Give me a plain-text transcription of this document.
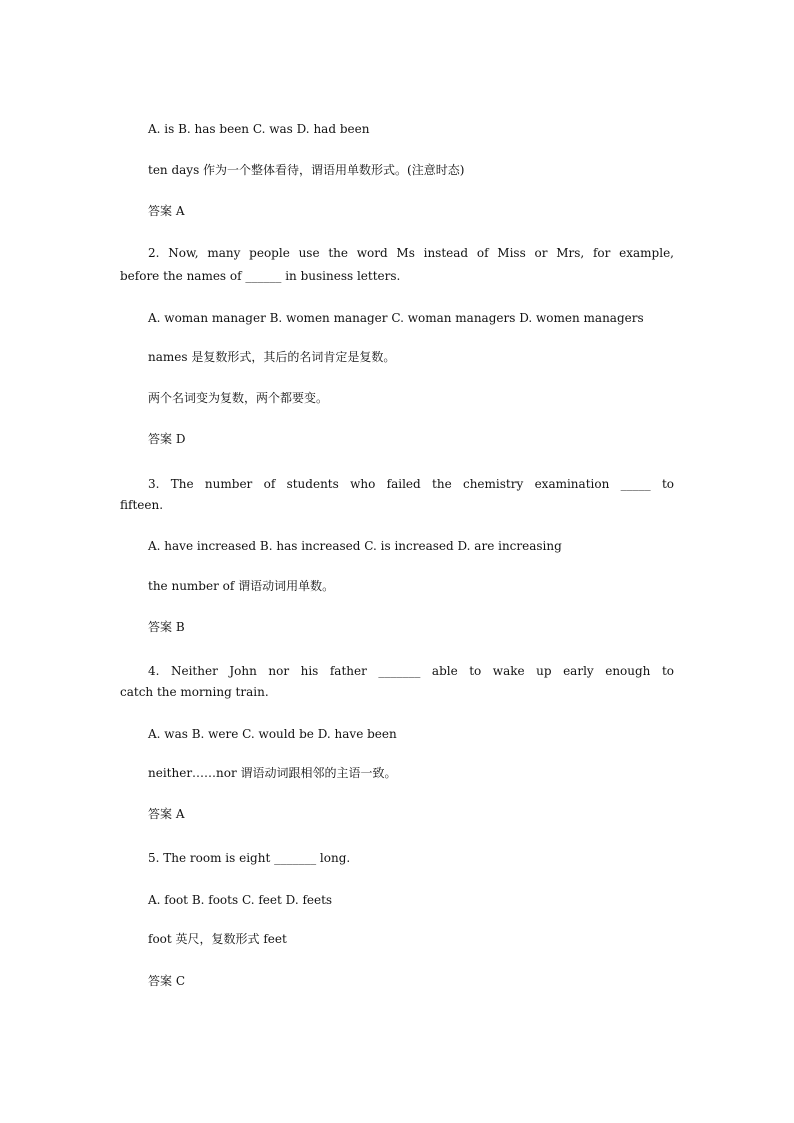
A. is B. has been C. was D. had been
ten days 作为一个整体看待，谓语用单数形式。(注意时态)
答案 A
2. Now, many people use the word Ms instead of Miss or Mrs, for example,
before the names of ______ in business letters.
A. woman manager B. women manager C. woman managers D. women managers
names 是复数形式，其后的名词肯定是复数。
两个名词变为复数，两个都要变。
答案 D
3. The number of students who failed the chemistry examination _____ to
fifteen.
A. have increased B. has increased C. is increased D. are increasing
the number of 谓语动词用单数。
答案 B
4. Neither John nor his father _______ able to wake up early enough to
catch the morning train.
A. was B. were C. would be D. have been
neither……nor 谓语动词跟相邻的主语一致。
答案 A
5. The room is eight _______ long.
A. foot B. foots C. feet D. feets
foot 英尺，复数形式 feet
答案 C
